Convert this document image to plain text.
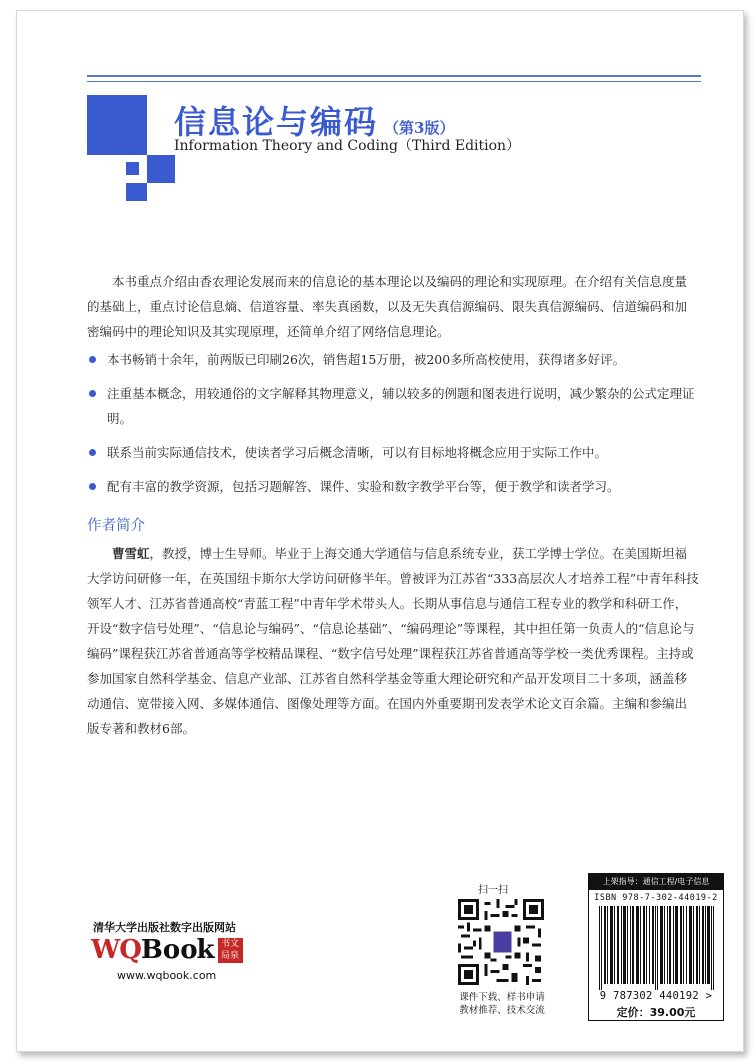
信息论与编码 （第3版）
Information Theory and Coding（Third Edition）
本书重点介绍由香农理论发展而来的信息论的基本理论以及编码的理论和实现原理。在介绍有关信息度量的基础上，重点讨论信息熵、信道容量、率失真函数，以及无失真信源编码、限失真信源编码、信道编码和加密编码中的理论知识及其实现原理，还简单介绍了网络信息理论。
本书畅销十余年，前两版已印刷26次，销售超15万册，被200多所高校使用，获得诸多好评。
注重基本概念，用较通俗的文字解释其物理意义，辅以较多的例题和图表进行说明，减少繁杂的公式定理证明。
联系当前实际通信技术，使读者学习后概念清晰，可以有目标地将概念应用于实际工作中。
配有丰富的教学资源，包括习题解答、课件、实验和数字教学平台等，便于教学和读者学习。
作者简介
曹雪虹，教授，博士生导师。毕业于上海交通大学通信与信息系统专业，获工学博士学位。在美国斯坦福大学访问研修一年，在英国纽卡斯尔大学访问研修半年。曾被评为江苏省“333高层次人才培养工程”中青年科技领军人才、江苏省普通高校“青蓝工程”中青年学术带头人。长期从事信息与通信工程专业的教学和科研工作，开设“数字信号处理”、“信息论与编码”、“信息论基础”、“编码理论”等课程，其中担任第一负责人的“信息论与编码”课程获江苏省普通高等学校精品课程、“数字信号处理”课程获江苏省普通高等学校一类优秀课程。主持或参加国家自然科学基金、信息产业部、江苏省自然科学基金等重大理论研究和产品开发项目二十多项，涵盖移动通信、宽带接入网、多媒体通信、图像处理等方面。在国内外重要期刊发表学术论文百余篇。主编和参编出版专著和教材6部。
清华大学出版社数字出版网站
WQBook 书文
局泉
www.wqbook.com
扫一扫
课件下载、样书申请
教材推荐、技术交流
上架指导：通信工程/电子信息
ISBN 978-7-302-44019-2
9 787302 440192 >
定价：39.00元
